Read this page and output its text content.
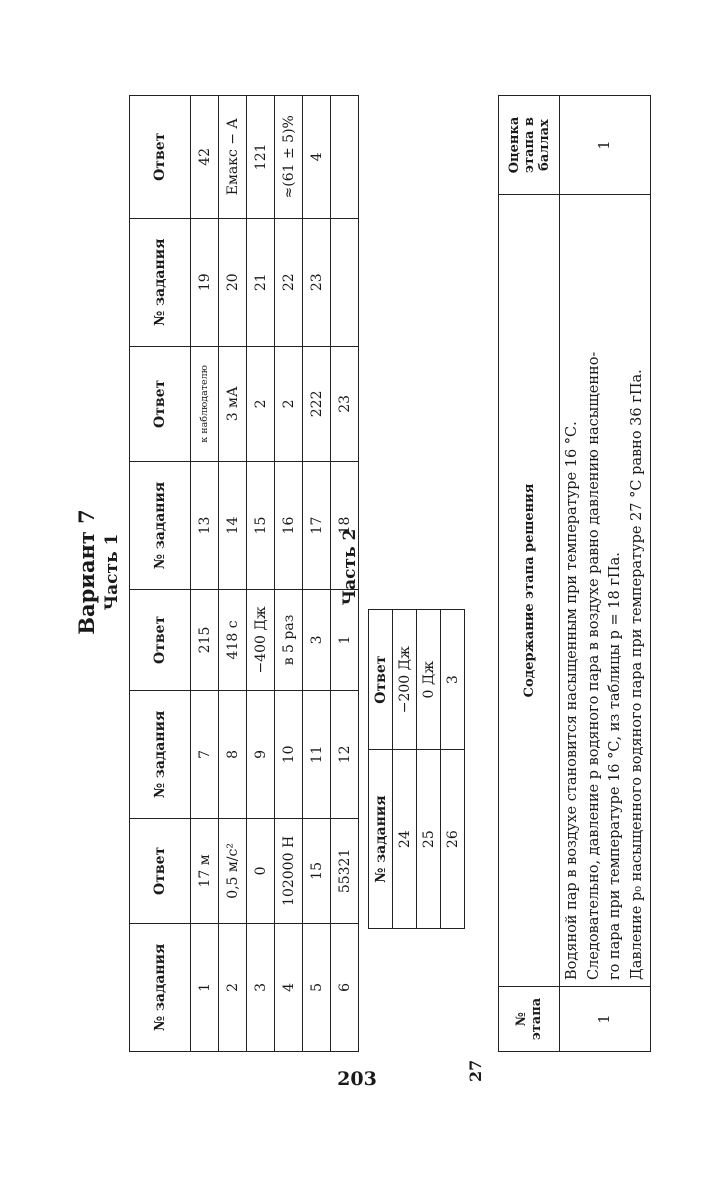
Вариант 7 Часть 1
№ задания	Ответ	№ задания	Ответ	№ задания	Ответ	№ задания	Ответ
1	17 м	7	215	13	к наблюдателю	19	42
2	0,5 м/с²	8	418 с	14	3 мА	20	Eмакс − A
3	0	9	−400 Дж	15	2	21	121
4	102000 Н	10	в 5 раз	16	2	22	≈(61 ± 5)%
5	15	11	3	17	222	23	4
6	55321	12	1	18	23		
Часть 2
№ задания	Ответ
24	−200 Дж
25	0 Дж
26	3
27
№ этапа	Содержание этапа решения	Оценка этапа в баллах
1	Водяной пар в воздухе становится насыщенным при температуре 16 °С. Следовательно, давление p водяного пара в воздухе равно давлению насыщенно- го пара при температуре 16 °С, из таблицы p = 18 гПа. Давление p₀ насыщенного водяного пара при температуре 27 °С равно 36 гПа.	1
203
